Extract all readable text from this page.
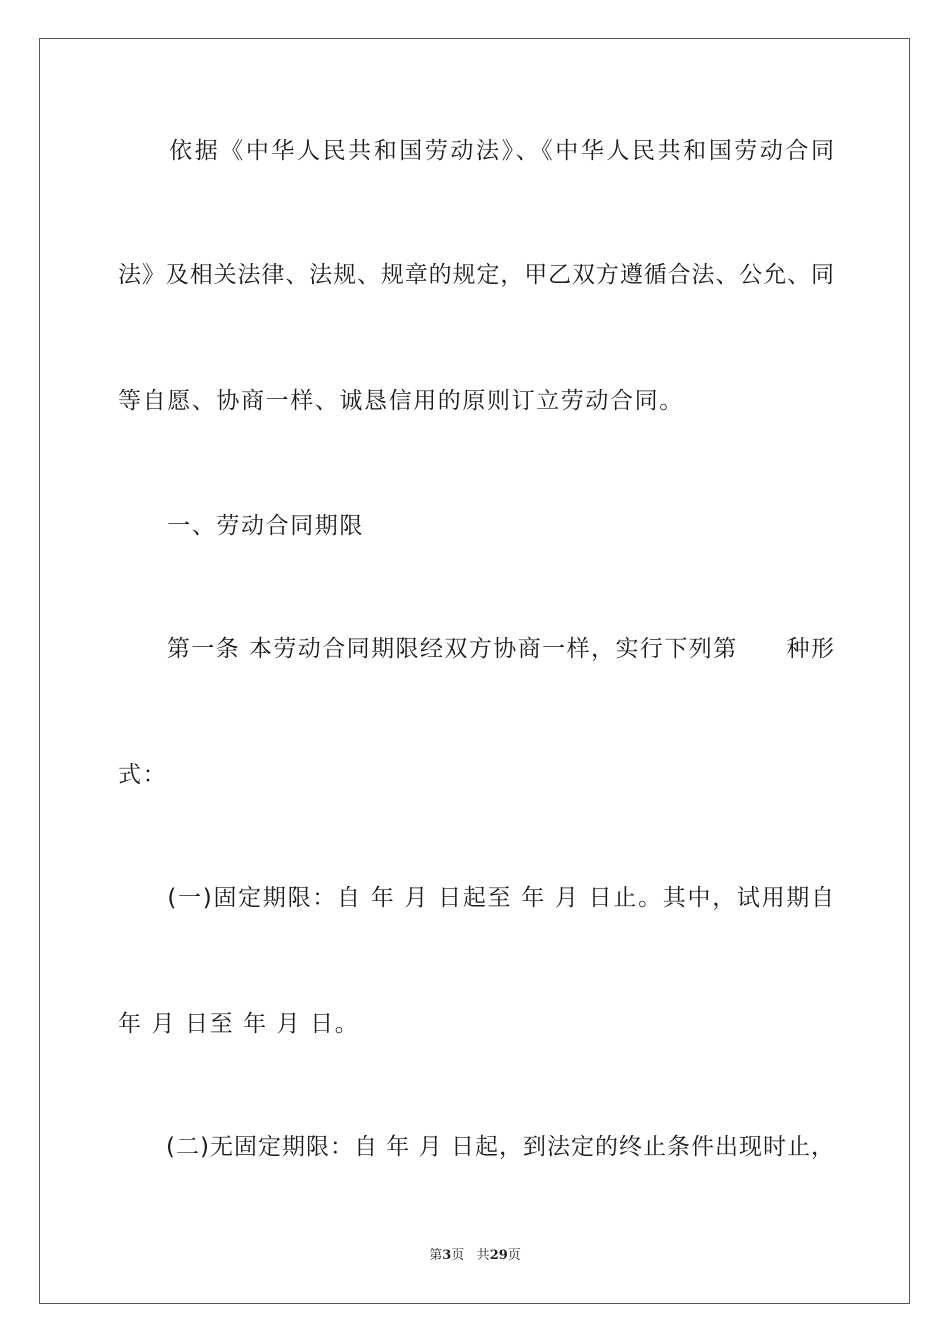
　　依据《中华人民共和国劳动法》、《中华人民共和国劳动合同
法》及相关法律、法规、规章的规定，甲乙双方遵循合法、公允、同
等自愿、协商一样、诚恳信用的原则订立劳动合同。
　　一、劳动合同期限
　　第一条 本劳动合同期限经双方协商一样，实行下列第　　种形
式：
　　(一)固定期限：自 年 月 日起至 年 月 日止。其中，试用期自
年 月 日至 年 月 日。
　　(二)无固定期限：自 年 月 日起，到法定的终止条件出现时止，
第3页 共29页
